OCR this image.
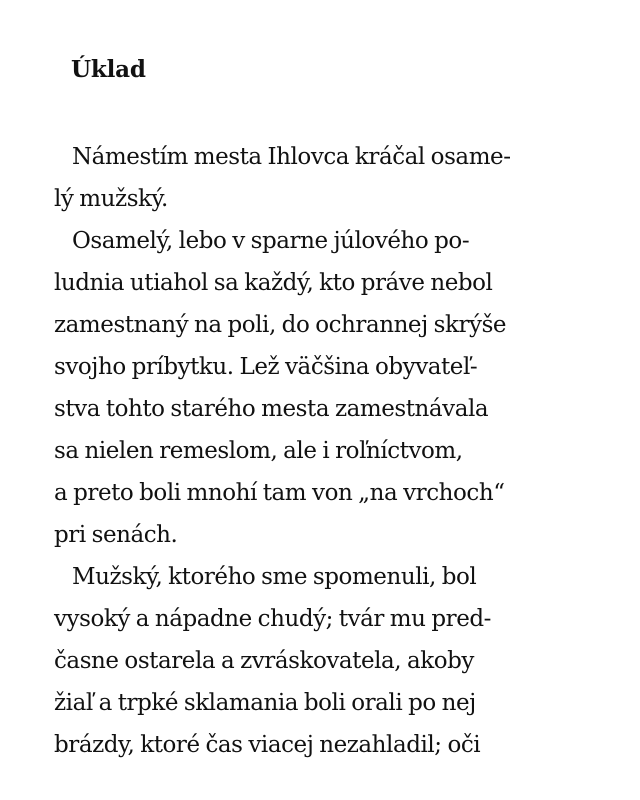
Úklad
Námestím mesta Ihlovca kráčal osame-
lý mužský.
Osamelý, lebo v sparne júlového po-
ludnia utiahol sa každý, kto práve nebol
zamestnaný na poli, do ochrannej skrýše
svojho príbytku. Lež väčšina obyvateľ-
stva tohto starého mesta zamestnávala
sa nielen remeslom, ale i roľníctvom,
a preto boli mnohí tam von „na vrchoch“
pri senách.
Mužský, ktorého sme spomenuli, bol
vysoký a nápadne chudý; tvár mu pred-
časne ostarela a zvráskovatela, akoby
žiaľ a trpké sklamania boli orali po nej
brázdy, ktoré čas viacej nezahladil; oči
